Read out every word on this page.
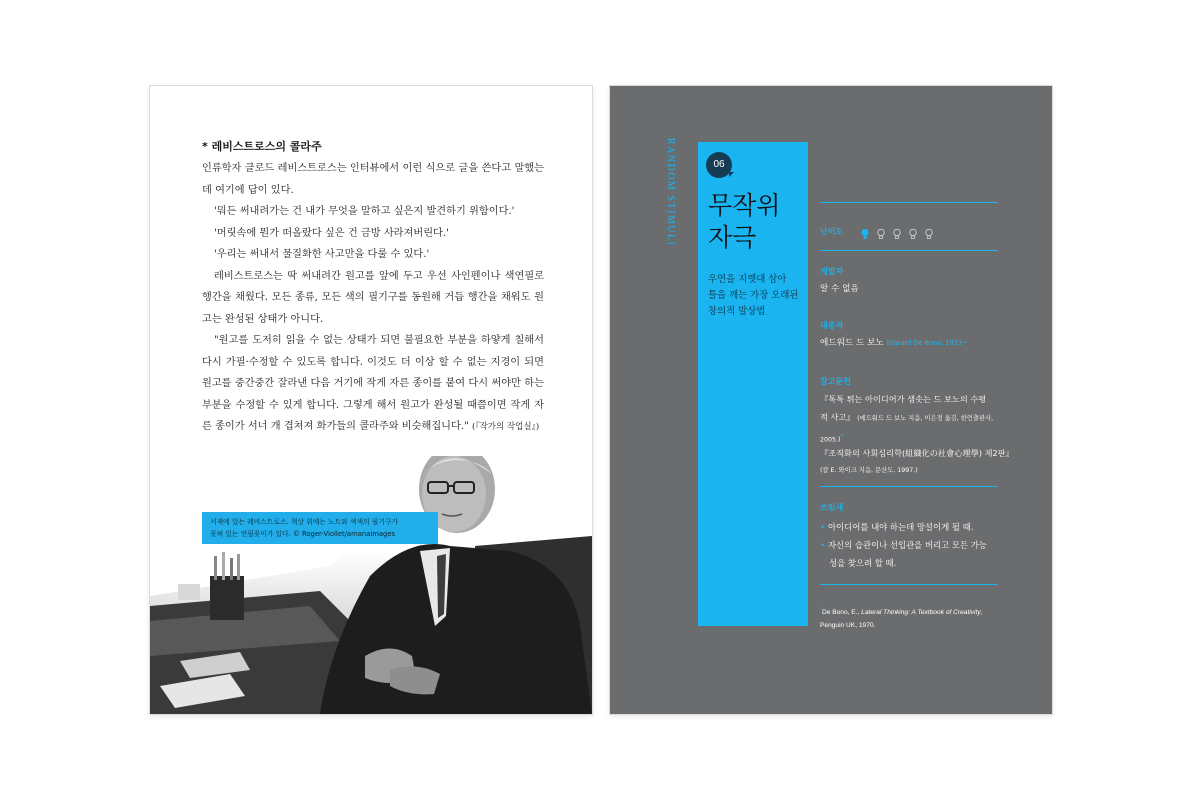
* 레비스트로스의 콜라주

인류학자 클로드 레비스트로스는 인터뷰에서 이런 식으로 글을 쓴다고 말했는데 여기에 답이 있다.

'뭐든 써내려가는 건 내가 무엇을 말하고 싶은지 발견하기 위함이다.'

'머릿속에 뭔가 떠올랐다 싶은 건 금방 사라져버린다.'

'우리는 써내서 물질화한 사고만을 다룰 수 있다.'

레비스트로스는 딱 써내려간 원고를 앞에 두고 우선 사인펜이나 색연필로 행간을 채웠다. 모든 종류, 모든 색의 필기구를 동원해 거듭 행간을 채워도 원고는 완성된 상태가 아니다.

"원고를 도저히 읽을 수 없는 상태가 되면 불필요한 부분을 하얗게 칠해서 다시 가필·수정할 수 있도록 합니다. 이것도 더 이상 할 수 없는 지경이 되면 원고를 중간중간 잘라낸 다음 거기에 작게 자른 종이를 붙여 다시 써야만 하는 부분을 수정할 수 있게 합니다. 그렇게 해서 원고가 완성될 때쯤이면 작게 자른 종이가 서너 개 겹쳐져 화가들의 콜라주와 비슷해집니다." (『작가의 작업실』)

서재에 있는 레비스트로스. 책상 위에는 노트와 색색의 필기구가
꽂혀 있는 연필꽂이가 있다. © Roger-Viollet/amanaimages
RANDOM STIMULI	06
무작위
자극
우연을 지렛대 삼아
틀을 깨는 가장 오래된
창의적 발상법
난이도

개발자
알 수 없음
대중자
에드워드 드 보노 Edward De Bono, 1933~
참고문헌
『톡톡 튀는 아이디어가 샘솟는 드 보노의 수평
적 사고』 (에드워드 드 보노 지음, 이은정 옮김, 한언출판사,
2005.)*
『조직화의 사회심리학(組織化の社會心理學) 제2판』
(칼 E. 와이크 지음, 문산도, 1997.)
쓰임새
• 아이디어를 내야 하는데 망설이게 될 때.
• 자신의 습관이나 선입관을 버리고 모든 가능
성을 찾으려 할 때.
*De Bono, E., Lateral Thinking: A Textbook of Creativity,
Penguin UK, 1970.
